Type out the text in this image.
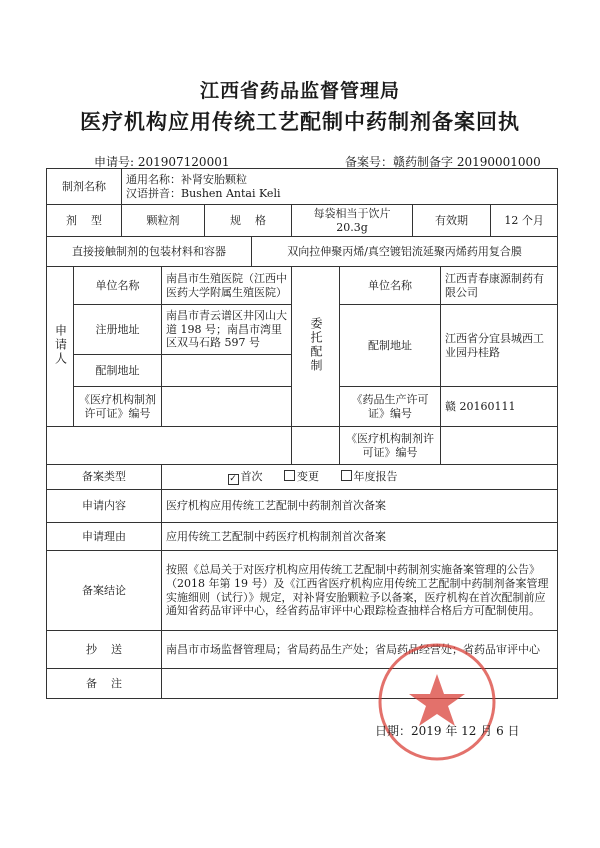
江西省药品监督管理局
医疗机构应用传统工艺配制中药制剂备案回执
申请号: 201907120001	备案号：赣药制备字 20190001000
制剂名称		通用名称：补肾安胎颗粒
汉语拼音：Bushen Antai Keli								

剂    型		颗粒剂		规    格		每袋相当于饮片 20.3g		有效期		12 个月
直接接触制剂的包装材料和容器					双向拉伸聚丙烯/真空镀铝流延聚丙烯药用复合膜					
申请人	单位名称		南昌市生殖医院（江西中医药大学附属生殖医院）			委托配制	单位名称		江西青春康源制药有限公司	
	注册地址		南昌市青云谱区井冈山大道 198 号；南昌市湾里区双马石路 597 号				配制地址		江西省分宜县城西工业园丹桂路	
	配制地址									
	《医疗机构制剂许可证》编号						《药品生产许可证》编号		赣 20160111	

							《医疗机构制剂许可证》编号			
备案类型			✓ 首次 变更 年度报告							
申请内容			医疗机构应用传统工艺配制中药制剂首次备案							
申请理由			应用传统工艺配制中药医疗机构制剂首次备案							
备案结论			按照《总局关于对医疗机构应用传统工艺配制中药制剂实施备案管理的公告》（2018 年第 19 号）及《江西省医疗机构应用传统工艺配制中药制剂备案管理实施细则（试行）》规定，对补肾安胎颗粒予以备案，医疗机构在首次配制前应通知省药品审评中心，经省药品审评中心跟踪检查抽样合格后方可配制使用。							
抄    送			南昌市市场监督管理局；省局药品生产处；省局药品经营处；省药品审评中心							
备    注										
日期：2019 年 12 月 6 日
